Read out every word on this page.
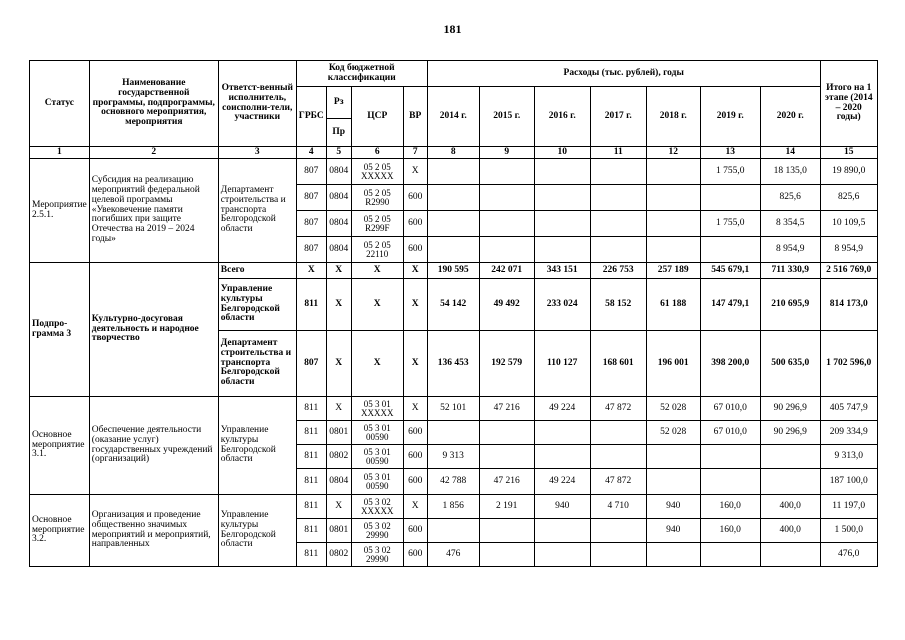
181
Статус	Наименование государственной программы, подпрограммы, основного мероприятия, мероприятия	Ответст-венный исполнитель, соисполни-тели, участники	Код бюджетной классификации				Расходы (тыс. рублей), годы							Итого на 1 этапе (2014 – 2020 годы)
			ГРБС	Рз	ЦСР	ВР	2014 г.	2015 г.	2016 г.	2017 г.	2018 г.	2019 г.	2020 г.	
				Пр										
1	2	3	4	5	6	7	8	9	10	11	12	13	14	15
Мероприятие 2.5.1.	Субсидия на реализацию мероприятий федеральной целевой программы «Увековечение памяти погибших при защите Отечества на 2019 – 2024 годы»	Департамент строительства и транспорта Белгородской области	807	0804	05 2 05 XXXXX	X						1 755,0	18 135,0	19 890,0
			807	0804	05 2 05 R2990	600							825,6	825,6
			807	0804	05 2 05 R299F	600						1 755,0	8 354,5	10 109,5
			807	0804	05 2 05 22110	600							8 954,9	8 954,9
Подпро-грамма 3	Культурно-досуговая деятельность и народное творчество	Всего	X	X	X	X	190 595	242 071	343 151	226 753	257 189	545 679,1	711 330,9	2 516 769,0
		Управление культуры Белгородской области	811	X	X	X	54 142	49 492	233 024	58 152	61 188	147 479,1	210 695,9	814 173,0
		Департамент строительства и транспорта Белгородской области	807	X	X	X	136 453	192 579	110 127	168 601	196 001	398 200,0	500 635,0	1 702 596,0
Основное мероприятие 3.1.	Обеспечение деятельности (оказание услуг) государственных учреждений (организаций)	Управление культуры Белгородской области	811	X	05 3 01 XXXXX	X	52 101	47 216	49 224	47 872	52 028	67 010,0	90 296,9	405 747,9
			811	0801	05 3 01 00590	600					52 028	67 010,0	90 296,9	209 334,9
			811	0802	05 3 01 00590	600	9 313							9 313,0
			811	0804	05 3 01 00590	600	42 788	47 216	49 224	47 872				187 100,0
Основное мероприятие 3.2.	Организация и проведение общественно значимых мероприятий и мероприятий, направленных	Управление культуры Белгородской области	811	X	05 3 02 XXXXX	X	1 856	2 191	940	4 710	940	160,0	400,0	11 197,0
			811	0801	05 3 02 29990	600					940	160,0	400,0	1 500,0
			811	0802	05 3 02 29990	600	476							476,0
